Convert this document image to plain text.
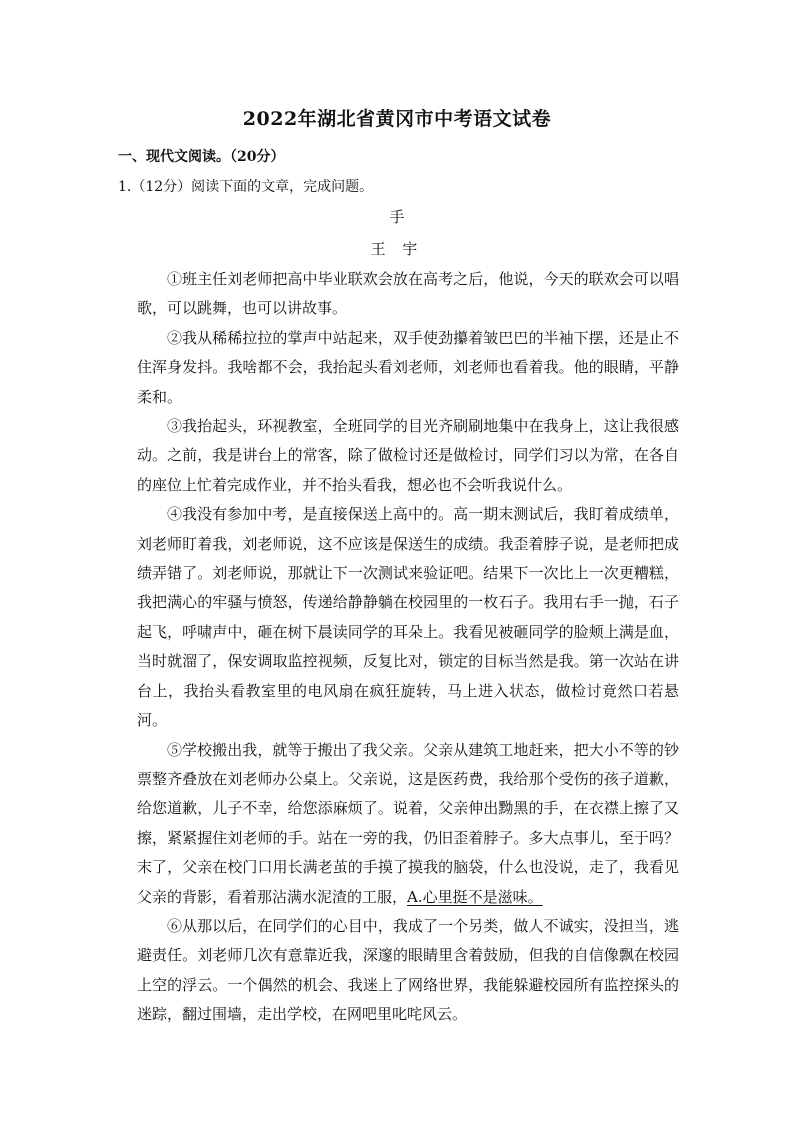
2022年湖北省黄冈市中考语文试卷
一、现代文阅读。（20分）
1.（12分）阅读下面的文章，完成问题。
手
王 宇

①班主任刘老师把高中毕业联欢会放在高考之后，他说，今天的联欢会可以唱歌，可以跳舞，也可以讲故事。

②我从稀稀拉拉的掌声中站起来，双手使劲攥着皱巴巴的半袖下摆，还是止不住浑身发抖。我啥都不会，我抬起头看刘老师，刘老师也看着我。他的眼睛，平静柔和。

③我抬起头，环视教室，全班同学的目光齐刷刷地集中在我身上，这让我很感动。之前，我是讲台上的常客，除了做检讨还是做检讨，同学们习以为常，在各自的座位上忙着完成作业，并不抬头看我，想必也不会听我说什么。

④我没有参加中考，是直接保送上高中的。高一期末测试后，我盯着成绩单，刘老师盯着我，刘老师说，这不应该是保送生的成绩。我歪着脖子说，是老师把成绩弄错了。刘老师说，那就让下一次测试来验证吧。结果下一次比上一次更糟糕，我把满心的牢骚与愤怒，传递给静静躺在校园里的一枚石子。我用右手一抛，石子起飞，呼啸声中，砸在树下晨读同学的耳朵上。我看见被砸同学的脸颊上满是血，当时就溜了，保安调取监控视频，反复比对，锁定的目标当然是我。第一次站在讲台上，我抬头看教室里的电风扇在疯狂旋转，马上进入状态，做检讨竟然口若悬河。

⑤学校搬出我，就等于搬出了我父亲。父亲从建筑工地赶来，把大小不等的钞票整齐叠放在刘老师办公桌上。父亲说，这是医药费，我给那个受伤的孩子道歉，给您道歉，儿子不幸，给您添麻烦了。说着，父亲伸出黝黑的手，在衣襟上擦了又擦，紧紧握住刘老师的手。站在一旁的我，仍旧歪着脖子。多大点事儿，至于吗？末了，父亲在校门口用长满老茧的手摸了摸我的脑袋，什么也没说，走了，我看见父亲的背影，看着那沾满水泥渣的工服，A.心里挺不是滋味。

⑥从那以后，在同学们的心目中，我成了一个另类，做人不诚实，没担当，逃避责任。刘老师几次有意靠近我，深邃的眼睛里含着鼓励，但我的自信像飘在校园上空的浮云。一个偶然的机会、我迷上了网络世界，我能躲避校园所有监控探头的迷踪，翻过围墙，走出学校，在网吧里叱咤风云。
